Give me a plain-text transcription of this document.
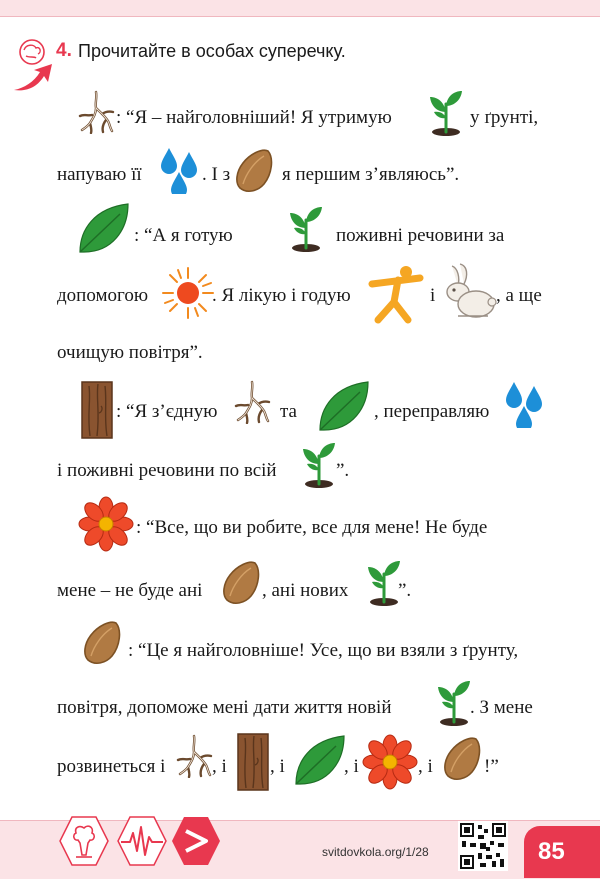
4. Прочитайте в особах суперечку.
: “Я – найголовніший! Я утримую	у ґрунті,
напуваю її	. І з	я першим з’являюсь”.
: “А я готую	поживні речовини за
допомогою	. Я лікую і годую	і	, а ще
очищую повітря”.
: “Я з’єдную	та	, переправляю
і поживні речовини по всій	”.
: “Все, що ви робите, все для мене! Не буде
мене – не буде ані	, ані нових	”.
: “Це я найголовніше! Усе, що ви взяли з ґрунту,
повітря, допоможе мені дати життя новій	. З мене
розвинеться і , і , і	, і	, і	!”
svitdovkola.org/1/28	85
